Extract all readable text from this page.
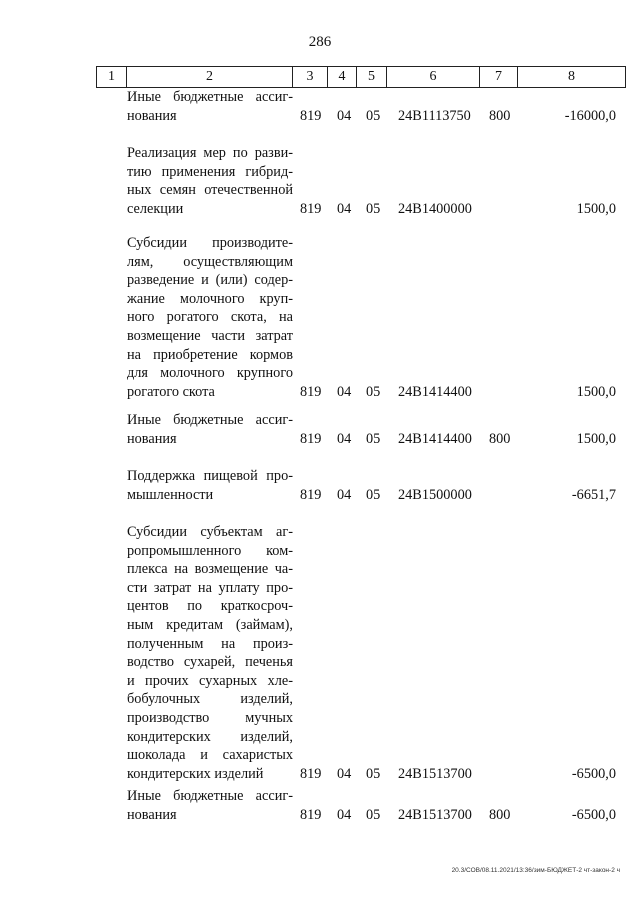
286
1	2	3	4	5	6	7	8
Иные бюджетные ассиг-
нования	819 04 05 24В1113750 800	-16000,0
Реализация мер по разви-
тию применения гибрид-
ных семян отечественной
селекции	819 04 05 24В1400000	1500,0
Субсидии производите-
лям, осуществляющим
разведение и (или) содер-
жание молочного круп-
ного рогатого скота, на
возмещение части затрат
на приобретение кормов
для молочного крупного
рогатого скота	819 04 05 24В1414400	1500,0
Иные бюджетные ассиг-
нования	819 04 05 24В1414400 800	1500,0
Поддержка пищевой про-
мышленности	819 04 05 24В1500000	-6651,7
Субсидии субъектам аг-
ропромышленного ком-
плекса на возмещение ча-
сти затрат на уплату про-
центов по краткосроч-
ным кредитам (займам),
полученным на произ-
водство сухарей, печенья
и прочих сухарных хле-
бобулочных изделий,
производство мучных
кондитерских изделий,
шоколада и сахаристых
кондитерских изделий	819 04 05 24В1513700	-6500,0
Иные бюджетные ассиг-
нования	819 04 05 24В1513700 800	-6500,0
20.3/СОВ/08.11.2021/13:36/зим-БЮДЖЕТ-2 чт-закон-2 ч
